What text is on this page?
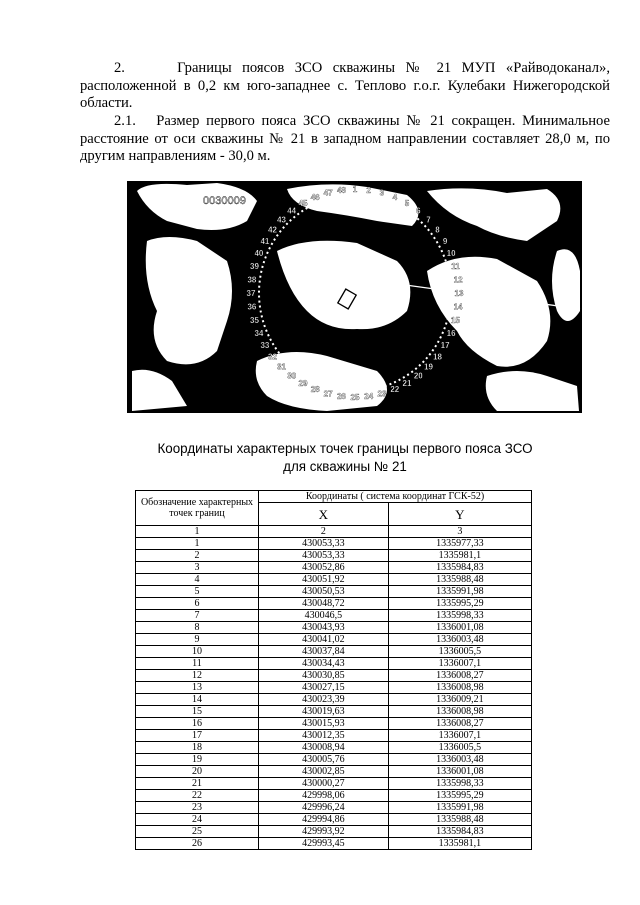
2.     Границы поясов ЗСО скважины № 21 МУП «Райводоканал», расположенной в 0,2 км юго-западнее с. Теплово г.о.г. Кулебаки Нижегородской области.
2.1.   Размер первого пояса ЗСО скважины № 21 сокращен. Минимальное расстояние от оси скважины № 21 в западном направлении составляет 28,0 м, по другим направлениям - 30,0 м.
1 2 3 4
5
6
7
8
9
10
11
12
13
14
15
16
17
18
19
20
21
22
23
24
25
26
27
28
29
30
31
32
33
34
35
36
37
38
39
40
41
42
43
44
45
46 47 48
0030009
Координаты характерных точек границы первого пояса ЗСО
для скважины № 21
Обозначение характерных точек границ	Координаты ( система координат ГСК-52)	
	X	Y
1	2	3
1	430053,33	1335977,33
2	430053,33	1335981,1
3	430052,86	1335984,83
4	430051,92	1335988,48
5	430050,53	1335991,98
6	430048,72	1335995,29
7	430046,5	1335998,33
8	430043,93	1336001,08
9	430041,02	1336003,48
10	430037,84	1336005,5
11	430034,43	1336007,1
12	430030,85	1336008,27
13	430027,15	1336008,98
14	430023,39	1336009,21
15	430019,63	1336008,98
16	430015,93	1336008,27
17	430012,35	1336007,1
18	430008,94	1336005,5
19	430005,76	1336003,48
20	430002,85	1336001,08
21	430000,27	1335998,33
22	429998,06	1335995,29
23	429996,24	1335991,98
24	429994,86	1335988,48
25	429993,92	1335984,83
26	429993,45	1335981,1
